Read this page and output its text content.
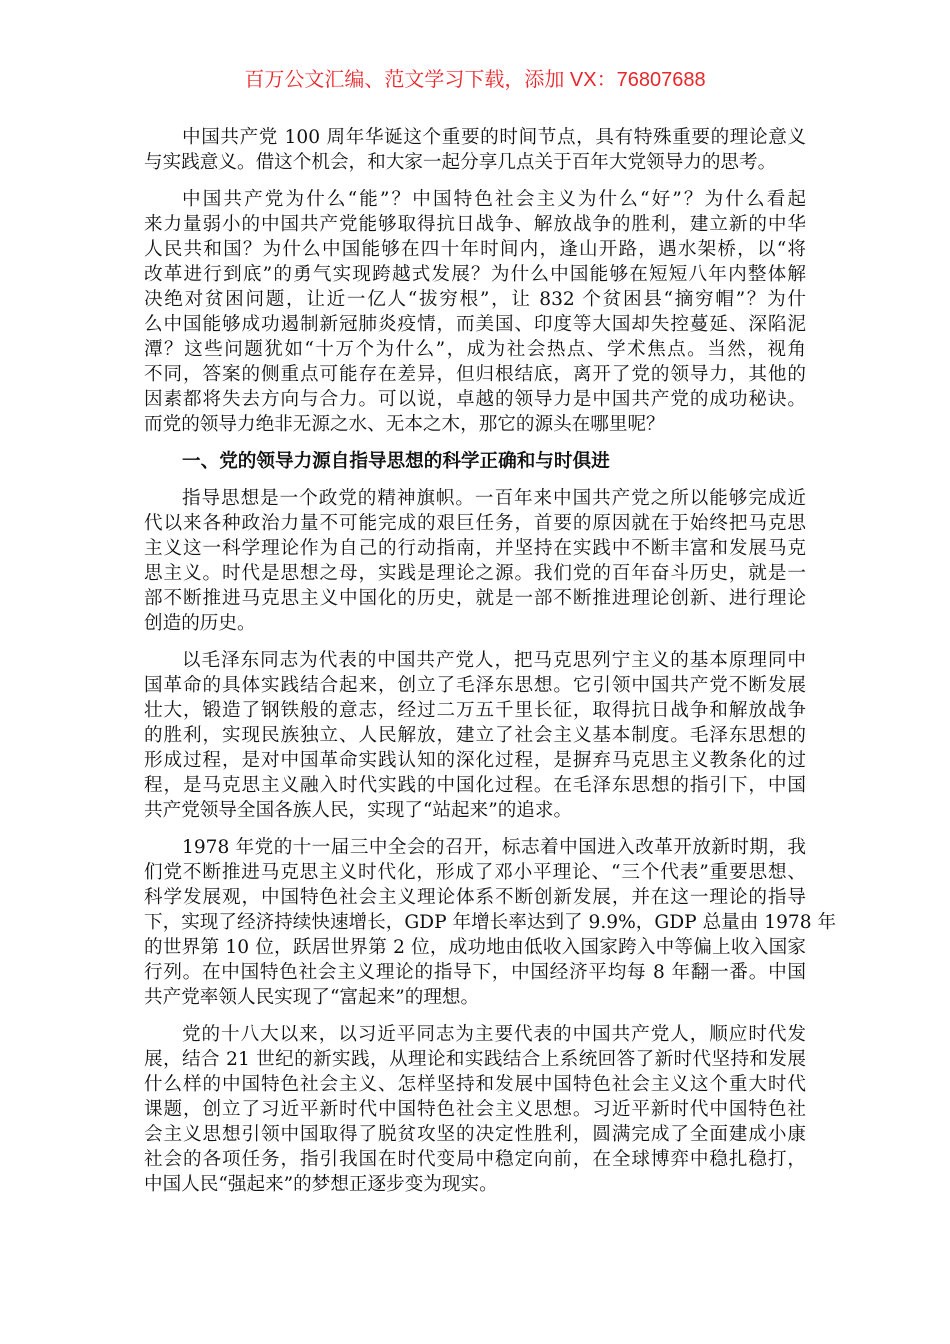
百万公文汇编、范文学习下载，添加 VX：76807688
中国共产党 100 周年华诞这个重要的时间节点，具有特殊重要的理论意义
与实践意义。借这个机会，和大家一起分享几点关于百年大党领导力的思考。
中国共产党为什么“能”？中国特色社会主义为什么“好”？为什么看起
来力量弱小的中国共产党能够取得抗日战争、解放战争的胜利，建立新的中华
人民共和国？为什么中国能够在四十年时间内，逢山开路，遇水架桥，以“将
改革进行到底”的勇气实现跨越式发展？为什么中国能够在短短八年内整体解
决绝对贫困问题，让近一亿人“拔穷根”，让 832 个贫困县“摘穷帽”？为什
么中国能够成功遏制新冠肺炎疫情，而美国、印度等大国却失控蔓延、深陷泥
潭？这些问题犹如“十万个为什么”，成为社会热点、学术焦点。当然，视角
不同，答案的侧重点可能存在差异，但归根结底，离开了党的领导力，其他的
因素都将失去方向与合力。可以说，卓越的领导力是中国共产党的成功秘诀。
而党的领导力绝非无源之水、无本之木，那它的源头在哪里呢？
一、党的领导力源自指导思想的科学正确和与时俱进
指导思想是一个政党的精神旗帜。一百年来中国共产党之所以能够完成近
代以来各种政治力量不可能完成的艰巨任务，首要的原因就在于始终把马克思
主义这一科学理论作为自己的行动指南，并坚持在实践中不断丰富和发展马克
思主义。时代是思想之母，实践是理论之源。我们党的百年奋斗历史，就是一
部不断推进马克思主义中国化的历史，就是一部不断推进理论创新、进行理论
创造的历史。
以毛泽东同志为代表的中国共产党人，把马克思列宁主义的基本原理同中
国革命的具体实践结合起来，创立了毛泽东思想。它引领中国共产党不断发展
壮大，锻造了钢铁般的意志，经过二万五千里长征，取得抗日战争和解放战争
的胜利，实现民族独立、人民解放，建立了社会主义基本制度。毛泽东思想的
形成过程，是对中国革命实践认知的深化过程，是摒弃马克思主义教条化的过
程，是马克思主义融入时代实践的中国化过程。在毛泽东思想的指引下，中国
共产党领导全国各族人民，实现了“站起来”的追求。
1978 年党的十一届三中全会的召开，标志着中国进入改革开放新时期，我
们党不断推进马克思主义时代化，形成了邓小平理论、“三个代表”重要思想、
科学发展观，中国特色社会主义理论体系不断创新发展，并在这一理论的指导
下，实现了经济持续快速增长，GDP 年增长率达到了 9.9%，GDP 总量由 1978 年
的世界第 10 位，跃居世界第 2 位，成功地由低收入国家跨入中等偏上收入国家
行列。在中国特色社会主义理论的指导下，中国经济平均每 8 年翻一番。中国
共产党率领人民实现了“富起来”的理想。
党的十八大以来，以习近平同志为主要代表的中国共产党人，顺应时代发
展，结合 21 世纪的新实践，从理论和实践结合上系统回答了新时代坚持和发展
什么样的中国特色社会主义、怎样坚持和发展中国特色社会主义这个重大时代
课题，创立了习近平新时代中国特色社会主义思想。习近平新时代中国特色社
会主义思想引领中国取得了脱贫攻坚的决定性胜利，圆满完成了全面建成小康
社会的各项任务，指引我国在时代变局中稳定向前，在全球博弈中稳扎稳打，
中国人民“强起来”的梦想正逐步变为现实。
